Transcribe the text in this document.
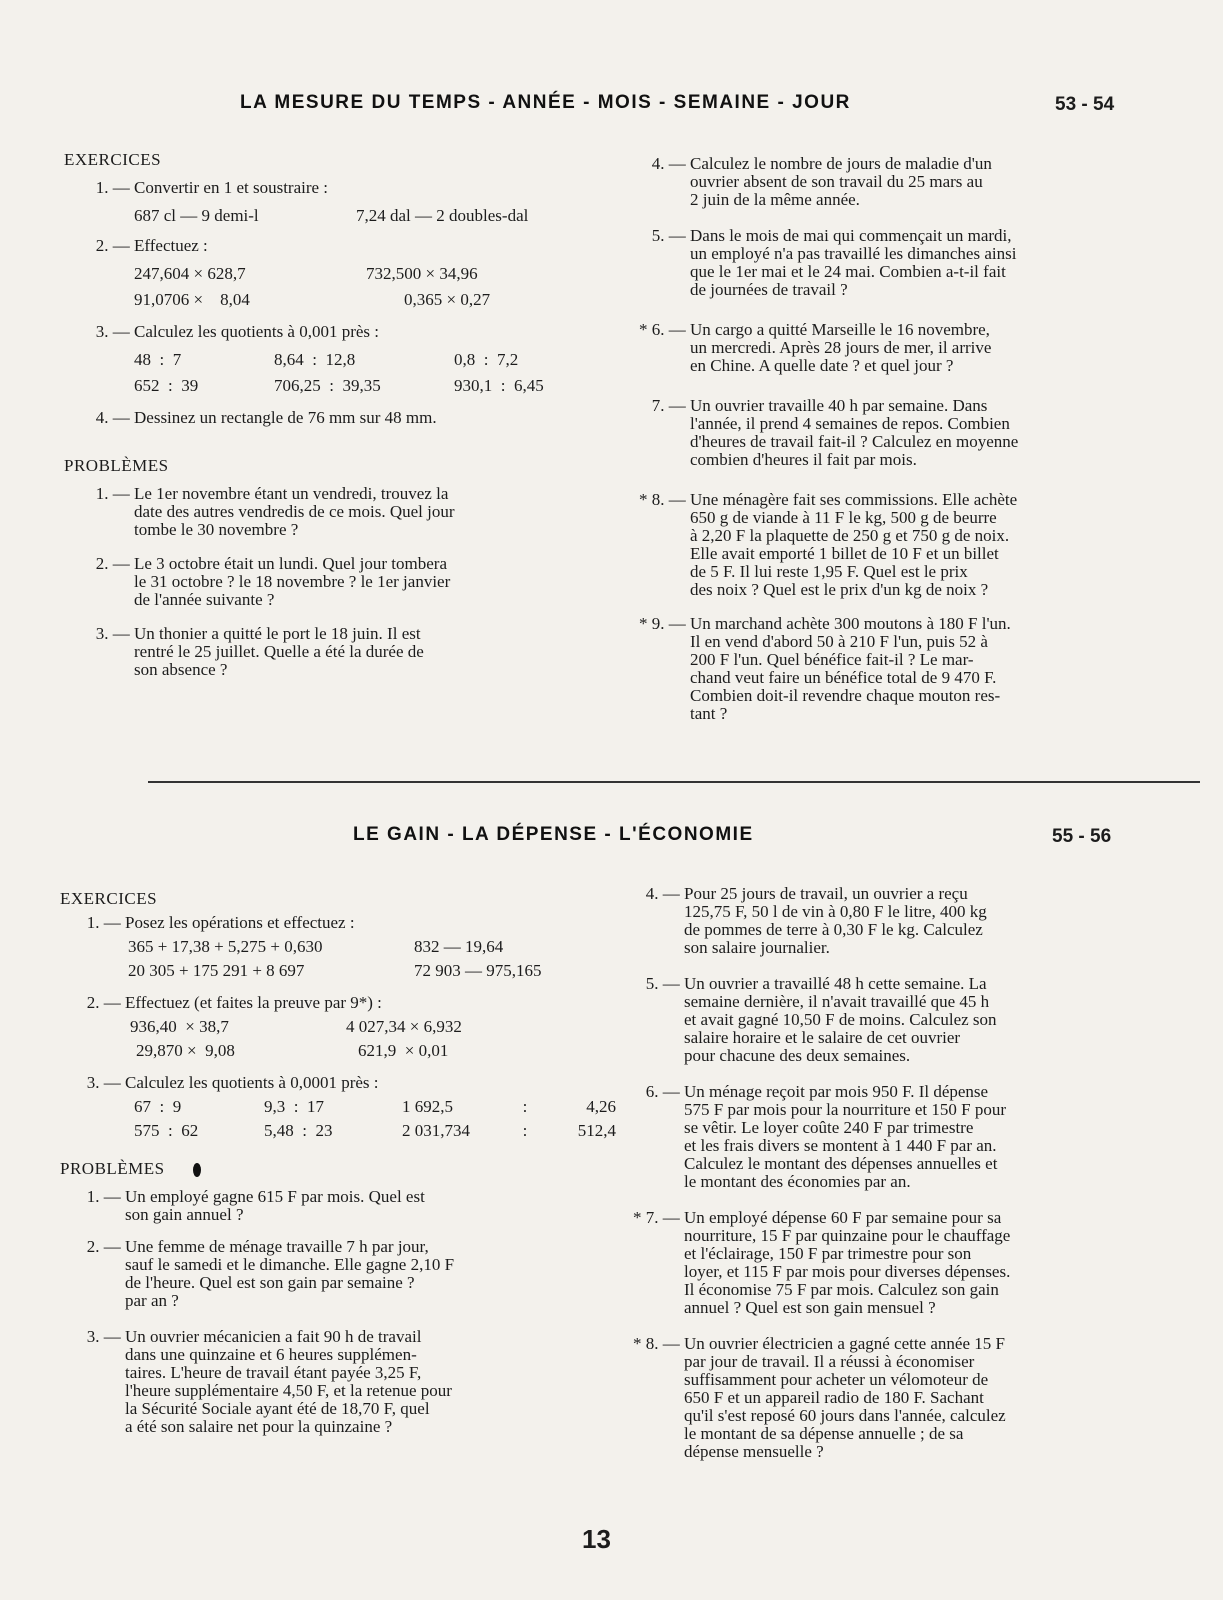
LA MESURE DU TEMPS - ANNÉE - MOIS - SEMAINE - JOUR	53 - 54
EXERCICES
1. — Convertir en 1 et soustraire :
687 cl — 9 demi-l	7,24 dal — 2 doubles-dal
2. — Effectuez :
247,604 × 628,7	732,500 × 34,96
91,0706 ×    8,04	0,365 × 0,27
3. — Calculez les quotients à 0,001 près :
48  :  7	8,64  :  12,8	0,8  :  7,2
652  :  39	706,25  :  39,35	930,1  :  6,45
4. — Dessinez un rectangle de 76 mm sur 48 mm.
PROBLÈMES
1. — Le 1er novembre étant un vendredi, trouvez la
date des autres vendredis de ce mois. Quel jour
tombe le 30 novembre ?
2. — Le 3 octobre était un lundi. Quel jour tombera
le 31 octobre ? le 18 novembre ? le 1er janvier
de l'année suivante ?
3. — Un thonier a quitté le port le 18 juin. Il est
rentré le 25 juillet. Quelle a été la durée de
son absence ?
4. — Calculez le nombre de jours de maladie d'un
ouvrier absent de son travail du 25 mars au
2 juin de la même année.
5. — Dans le mois de mai qui commençait un mardi,
un employé n'a pas travaillé les dimanches ainsi
que le 1er mai et le 24 mai. Combien a-t-il fait
de journées de travail ?
* 6. — Un cargo a quitté Marseille le 16 novembre,
un mercredi. Après 28 jours de mer, il arrive
en Chine. A quelle date ? et quel jour ?
7. — Un ouvrier travaille 40 h par semaine. Dans
l'année, il prend 4 semaines de repos. Combien
d'heures de travail fait-il ? Calculez en moyenne
combien d'heures il fait par mois.
* 8. — Une ménagère fait ses commissions. Elle achète
650 g de viande à 11 F le kg, 500 g de beurre
à 2,20 F la plaquette de 250 g et 750 g de noix.
Elle avait emporté 1 billet de 10 F et un billet
de 5 F. Il lui reste 1,95 F. Quel est le prix
des noix ? Quel est le prix d'un kg de noix ?
* 9. — Un marchand achète 300 moutons à 180 F l'un.
Il en vend d'abord 50 à 210 F l'un, puis 52 à
200 F l'un. Quel bénéfice fait-il ? Le mar-
chand veut faire un bénéfice total de 9 470 F.
Combien doit-il revendre chaque mouton res-
tant ?
LE GAIN - LA DÉPENSE - L'ÉCONOMIE	55 - 56
EXERCICES
1. — Posez les opérations et effectuez :
365 + 17,38 + 5,275 + 0,630	832 — 19,64
20 305 + 175 291 + 8 697	72 903 — 975,165
2. — Effectuez (et faites la preuve par 9*) :
936,40  × 38,7	4 027,34 × 6,932
29,870 ×  9,08	621,9  × 0,01
3. — Calculez les quotients à 0,0001 près :
67  :  9	9,3  :  17	1 692,5	:	4,26
575  :  62	5,48  :  23	2 031,734	:	512,4
PROBLÈMES
1. — Un employé gagne 615 F par mois. Quel est
son gain annuel ?
2. — Une femme de ménage travaille 7 h par jour,
sauf le samedi et le dimanche. Elle gagne 2,10 F
de l'heure. Quel est son gain par semaine ?
par an ?
3. — Un ouvrier mécanicien a fait 90 h de travail
dans une quinzaine et 6 heures supplémen-
taires. L'heure de travail étant payée 3,25 F,
l'heure supplémentaire 4,50 F, et la retenue pour
la Sécurité Sociale ayant été de 18,70 F, quel
a été son salaire net pour la quinzaine ?
4. — Pour 25 jours de travail, un ouvrier a reçu
125,75 F, 50 l de vin à 0,80 F le litre, 400 kg
de pommes de terre à 0,30 F le kg. Calculez
son salaire journalier.
5. — Un ouvrier a travaillé 48 h cette semaine. La
semaine dernière, il n'avait travaillé que 45 h
et avait gagné 10,50 F de moins. Calculez son
salaire horaire et le salaire de cet ouvrier
pour chacune des deux semaines.
6. — Un ménage reçoit par mois 950 F. Il dépense
575 F par mois pour la nourriture et 150 F pour
se vêtir. Le loyer coûte 240 F par trimestre
et les frais divers se montent à 1 440 F par an.
Calculez le montant des dépenses annuelles et
le montant des économies par an.
* 7. — Un employé dépense 60 F par semaine pour sa
nourriture, 15 F par quinzaine pour le chauffage
et l'éclairage, 150 F par trimestre pour son
loyer, et 115 F par mois pour diverses dépenses.
Il économise 75 F par mois. Calculez son gain
annuel ? Quel est son gain mensuel ?
* 8. — Un ouvrier électricien a gagné cette année 15 F
par jour de travail. Il a réussi à économiser
suffisamment pour acheter un vélomoteur de
650 F et un appareil radio de 180 F. Sachant
qu'il s'est reposé 60 jours dans l'année, calculez
le montant de sa dépense annuelle ; de sa
dépense mensuelle ?
13
